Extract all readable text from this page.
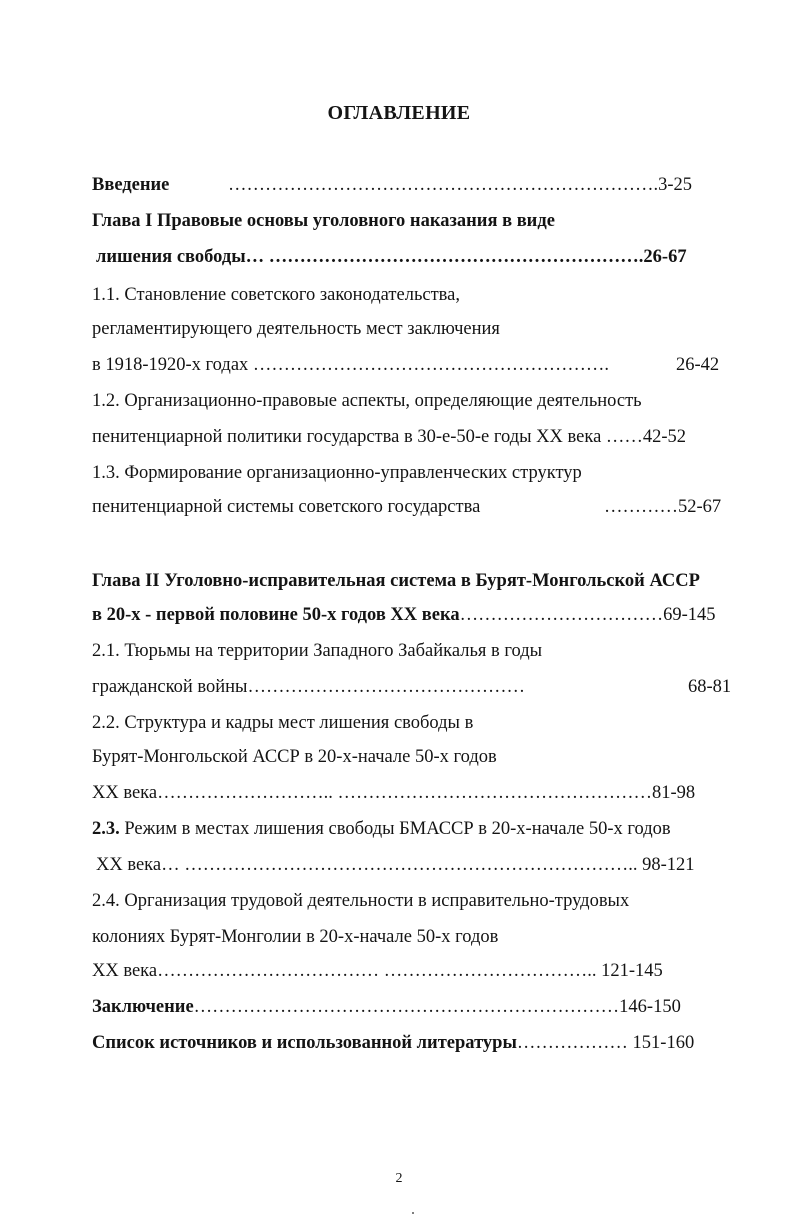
ОГЛАВЛЕНИЕ
Введение	…………………………………………………………….3-25
Глава I Правовые основы уголовного наказания в виде
лишения свободы… …………………………………………………….26-67
1.1. Становление советского законодательства,
регламентирующего деятельность мест заключения
в 1918-1920-х годах ………………………………………………….	26-42
1.2. Организационно-правовые аспекты, определяющие деятельность
пенитенциарной политики государства в 30-е-50-е годы XX века ……42-52
1.3. Формирование организационно-управленческих структур
пенитенциарной системы советского государства	…………52-67
Глава II Уголовно-исправительная система в Бурят-Монгольской АССР
в 20-х - первой половине 50-х годов XX века……………………………69-145
2.1. Тюрьмы на территории Западного Забайкалья в годы
гражданской войны………………………………………	68-81
2.2. Структура и кадры мест лишения свободы в
Бурят-Монгольской АССР в 20-х-начале 50-х годов
XX века……………………….. ……………………………………………81-98
2.3. Режим в местах лишения свободы БМАССР в 20-х-начале 50-х годов
XX века… ……………………………………………………………….. 98-121
2.4. Организация трудовой деятельности в исправительно-трудовых
колониях Бурят-Монголии в 20-х-начале 50-х годов
XX века……………………………… …………………………….. 121-145
Заключение……………………………………………………………146-150
Список источников и использованной литературы……………… 151-160
2
